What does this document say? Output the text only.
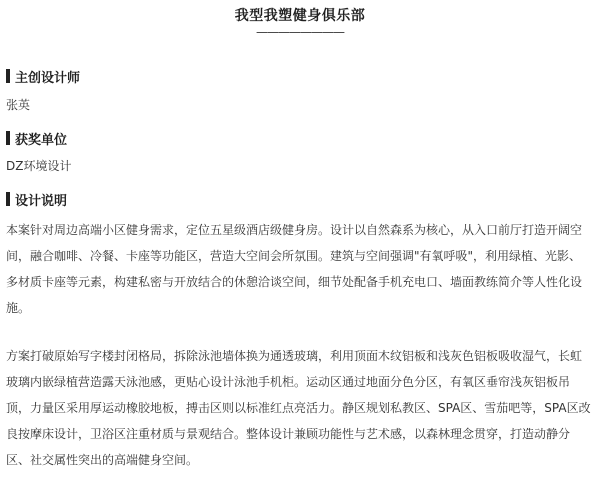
我型我塑健身俱乐部
————————
主创设计师
张英
获奖单位
DZ环境设计
设计说明
本案针对周边高端小区健身需求，定位五星级酒店级健身房。设计以自然森系为核心，从入口前厅打造开阔空
间，融合咖啡、冷餐、卡座等功能区，营造大空间会所氛围。建筑与空间强调"有氧呼吸"，利用绿植、光影、
多材质卡座等元素，构建私密与开放结合的休憩洽谈空间，细节处配备手机充电口、墙面教练简介等人性化设
施。
方案打破原始写字楼封闭格局，拆除泳池墙体换为通透玻璃，利用顶面木纹铝板和浅灰色铝板吸收湿气，长虹
玻璃内嵌绿植营造露天泳池感，更贴心设计泳池手机柜。运动区通过地面分色分区，有氧区垂帘浅灰铝板吊
顶，力量区采用厚运动橡胶地板，搏击区则以标准红点亮活力。静区规划私教区、SPA区、雪茄吧等，SPA区改
良按摩床设计，卫浴区注重材质与景观结合。整体设计兼顾功能性与艺术感，以森林理念贯穿，打造动静分
区、社交属性突出的高端健身空间。
